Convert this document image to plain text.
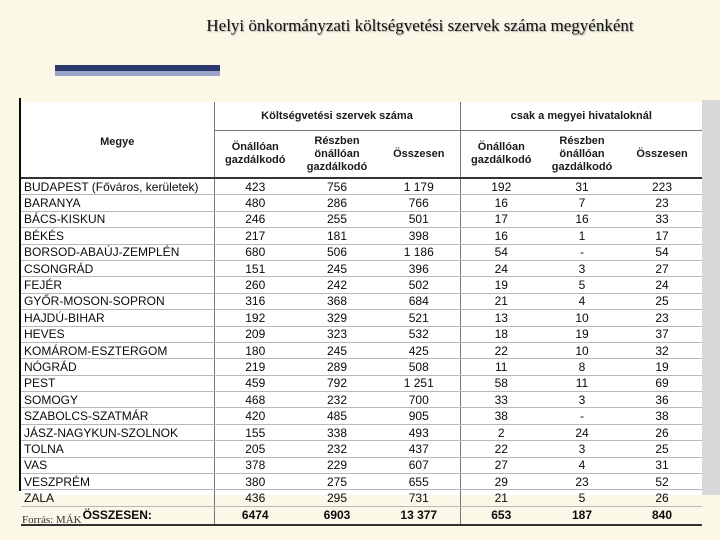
Helyi önkormányzati költségvetési szervek száma megyénként
Megye	Költségvetési szervek száma			csak a megyei hivataloknál		
	Önállóan gazdálkodó	Részben önállóan gazdálkodó	Összesen	Önállóan gazdálkodó	Részben önállóan gazdálkodó	Összesen
BUDAPEST (Főváros, kerületek)	423	756	1 179	192	31	223
BARANYA	480	286	766	16	7	23
BÁCS-KISKUN	246	255	501	17	16	33
BÉKÉS	217	181	398	16	1	17
BORSOD-ABAÚJ-ZEMPLÉN	680	506	1 186	54	-	54
CSONGRÁD	151	245	396	24	3	27
FEJÉR	260	242	502	19	5	24
GYŐR-MOSON-SOPRON	316	368	684	21	4	25
HAJDÚ-BIHAR	192	329	521	13	10	23
HEVES	209	323	532	18	19	37
KOMÁROM-ESZTERGOM	180	245	425	22	10	32
NÓGRÁD	219	289	508	11	8	19
PEST	459	792	1 251	58	11	69
SOMOGY	468	232	700	33	3	36
SZABOLCS-SZATMÁR	420	485	905	38	-	38
JÁSZ-NAGYKUN-SZOLNOK	155	338	493	2	24	26
TOLNA	205	232	437	22	3	25
VAS	378	229	607	27	4	31
VESZPRÉM	380	275	655	29	23	52
ZALA	436	295	731	21	5	26
ÖSSZESEN:	6474	6903	13 377	653	187	840
Forrás: MÁK
